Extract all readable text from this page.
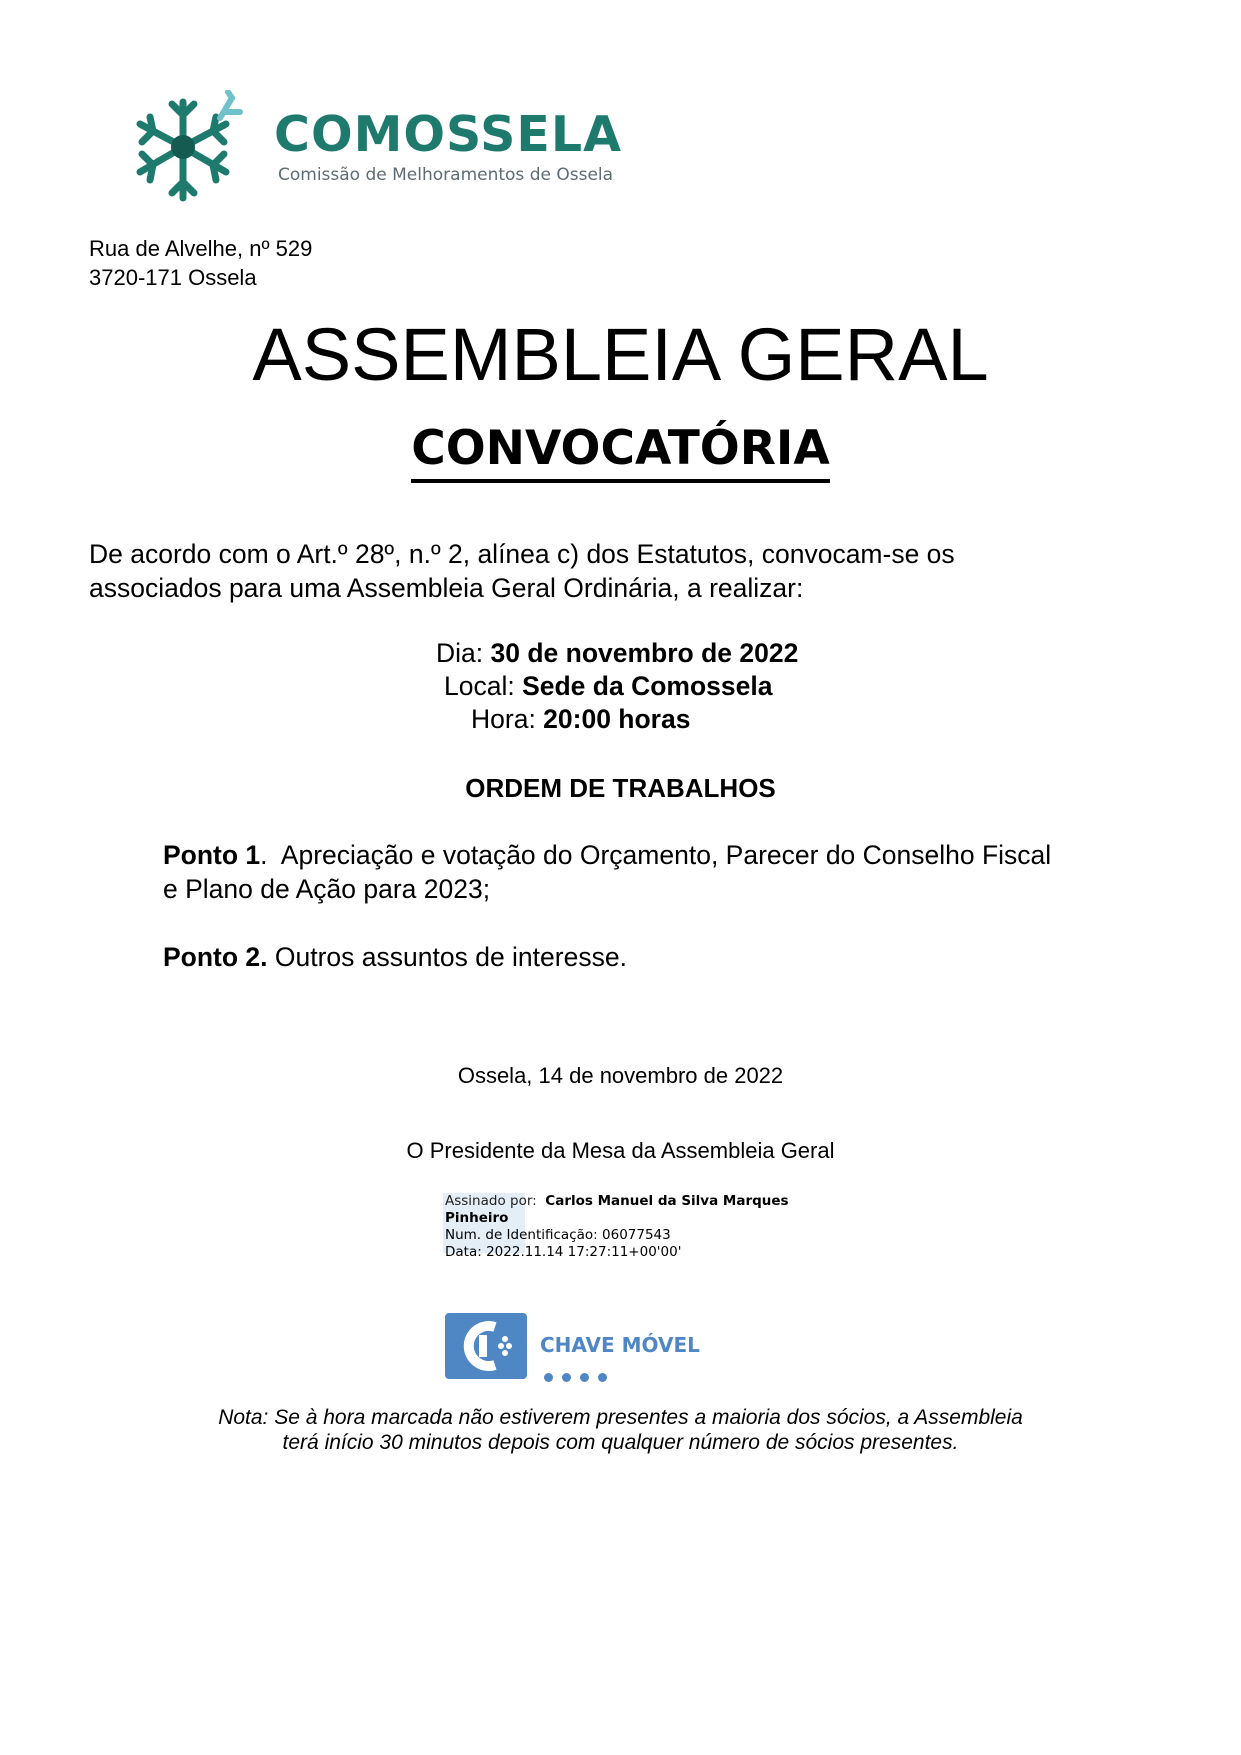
COMOSSELA
Comissão de Melhoramentos de Ossela
Rua de Alvelhe, nº 529
3720-171 Ossela
ASSEMBLEIA GERAL
CONVOCATÓRIA

De acordo com o Art.º 28º, n.º 2, alínea c) dos Estatutos, convocam-se os

associados para uma Assembleia Geral Ordinária, a realizar:

Dia: 30 de novembro de 2022
Local: Sede da Comossela
Hora: 20:00 horas
ORDEM DE TRABALHOS
Ponto 1.  Apreciação e votação do Orçamento, Parecer do Conselho Fiscal
e Plano de Ação para 2023;
Ponto 2. Outros assuntos de interesse.
Ossela, 14 de novembro de 2022
O Presidente da Mesa da Assembleia Geral
Assinado por: Carlos Manuel da Silva Marques
Pinheiro
Num. de Identificação: 06077543
Data: 2022.11.14 17:27:11+00'00'
CHAVE MÓVEL

Nota: Se à hora marcada não estiverem presentes a maioria dos sócios, a Assembleia

terá início 30 minutos depois com qualquer número de sócios presentes.
